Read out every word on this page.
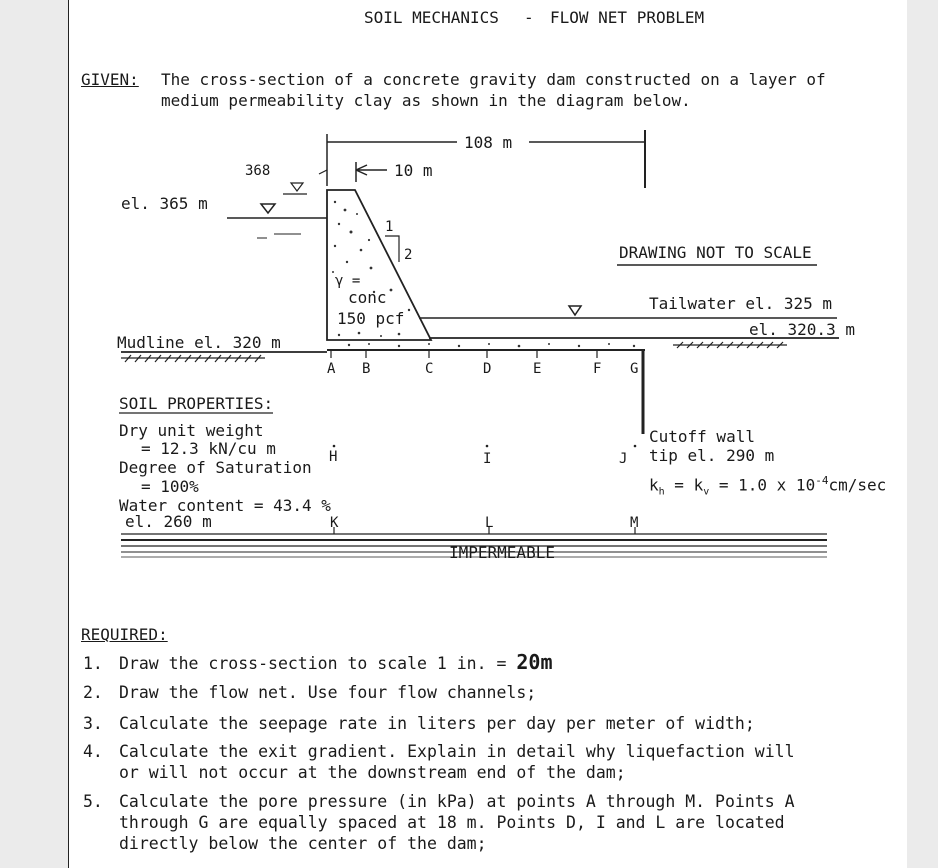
SOIL MECHANICS - FLOW NET PROBLEM
GIVEN: The cross-section of a concrete gravity dam constructed on a layer of
medium permeability clay as shown in the diagram below.
108 m
10 m
368
el. 365 m
1
2
γ =
conc
150 pcf
DRAWING NOT TO SCALE
Tailwater el. 325 m
el. 320.3 m
Mudline el. 320 m
A B	C	D	E	F G
H	I	J
K	L	M
Cutoff wall
tip el. 290 m
$k_h = k_v = 1.0$ x $10^{-4}cm/\sec$
IMPERMEABLE
SOIL PROPERTIES:
Dry unit weight
= 12.3 kN/cu m
Degree of Saturation
= 100%
Water content = 43.4 %
el. 260 m
REQUIRED:
1. Draw the cross-section to scale 1 in. = 20m
2. Draw the flow net. Use four flow channels;
3. Calculate the seepage rate in liters per day per meter of width;
4. Calculate the exit gradient. Explain in detail why liquefaction will
or will not occur at the downstream end of the dam;
5. Calculate the pore pressure (in kPa) at points A through M. Points A
through G are equally spaced at 18 m. Points D, I and L are located
directly below the center of the dam;
